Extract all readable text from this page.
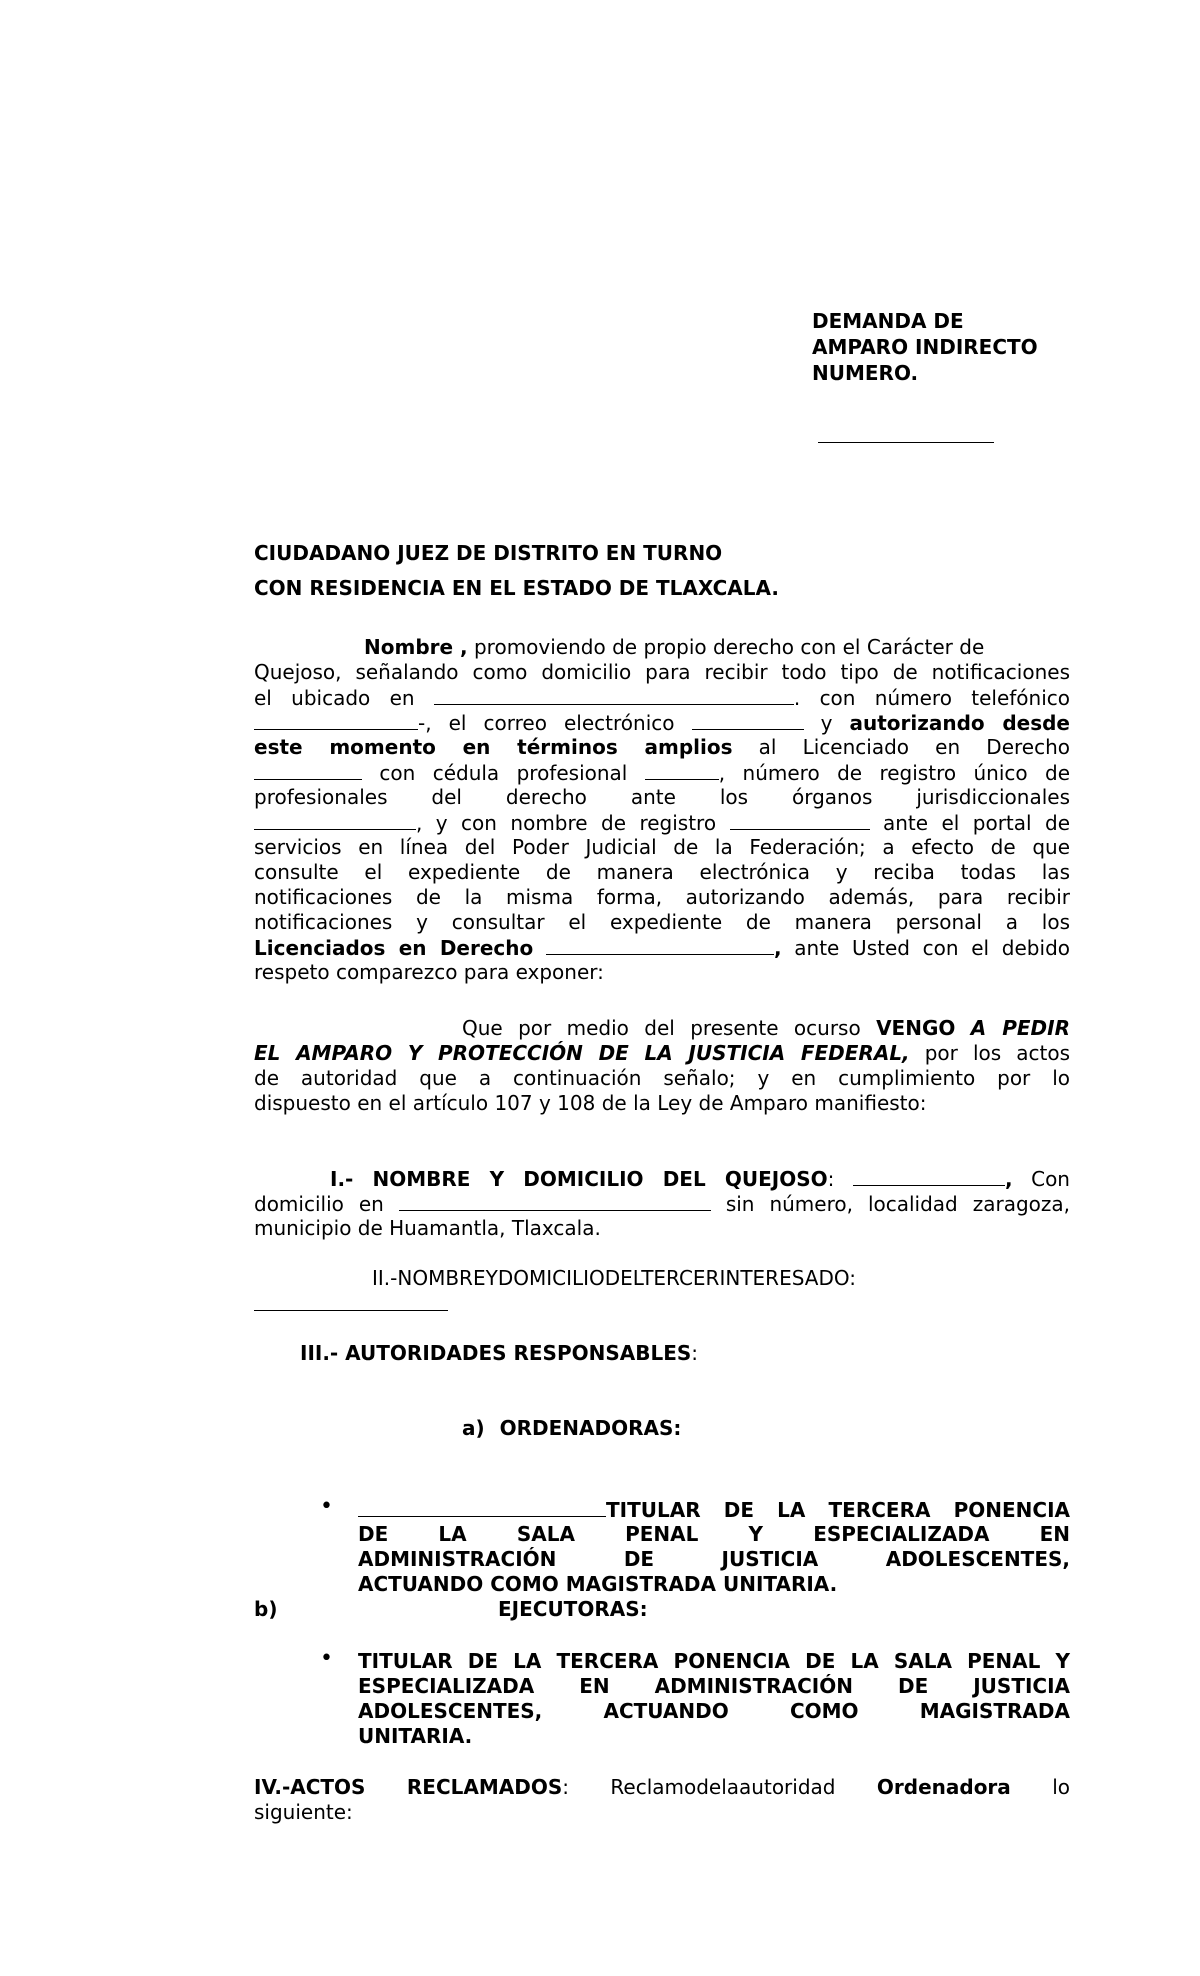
DEMANDA DE
AMPARO INDIRECTO
NUMERO.
CIUDADANO JUEZ DE DISTRITO EN TURNO
CON RESIDENCIA EN EL ESTADO DE TLAXCALA.
Nombre , promoviendo de propio derecho con el Carácter de
Quejoso, señalando como domicilio para recibir todo tipo de notificaciones
el ubicado en	. con número telefónico
-, el correo electrónico	y autorizando desde
este momento en términos amplios al Licenciado en Derecho
con cédula profesional	, número de registro único de
profesionales del derecho ante los órganos jurisdiccionales
, y con nombre de registro	ante el portal de
servicios en línea del Poder Judicial de la Federación; a efecto de que
consulte el expediente de manera electrónica y reciba todas las
notificaciones de la misma forma, autorizando además, para recibir
notificaciones y consultar el expediente de manera personal a los
Licenciados en Derecho	, ante Usted con el debido
respeto comparezco para exponer:
Que por medio del presente ocurso VENGO A PEDIR
EL AMPARO Y PROTECCIÓN DE LA JUSTICIA FEDERAL, por los actos
de autoridad que a continuación señalo; y en cumplimiento por lo
dispuesto en el artículo 107 y 108 de la Ley de Amparo manifiesto:
I.- NOMBRE Y DOMICILIO DEL QUEJOSO:	, Con
domicilio en	sin número, localidad zaragoza,
municipio de Huamantla, Tlaxcala.
II.-NOMBREYDOMICILIODELTERCERINTERESADO:
III.- AUTORIDADES RESPONSABLES:
a) ORDENADORAS:
•	TITULAR DE LA TERCERA PONENCIA
DE LA SALA PENAL Y ESPECIALIZADA EN
ADMINISTRACIÓN DE JUSTICIA ADOLESCENTES,
ACTUANDO COMO MAGISTRADA UNITARIA.
b)	EJECUTORAS:
• TITULAR DE LA TERCERA PONENCIA DE LA SALA PENAL Y
ESPECIALIZADA EN ADMINISTRACIÓN DE JUSTICIA
ADOLESCENTES, ACTUANDO COMO MAGISTRADA
UNITARIA.
IV.-ACTOS RECLAMADOS: Reclamodelaautoridad Ordenadora lo
siguiente:
